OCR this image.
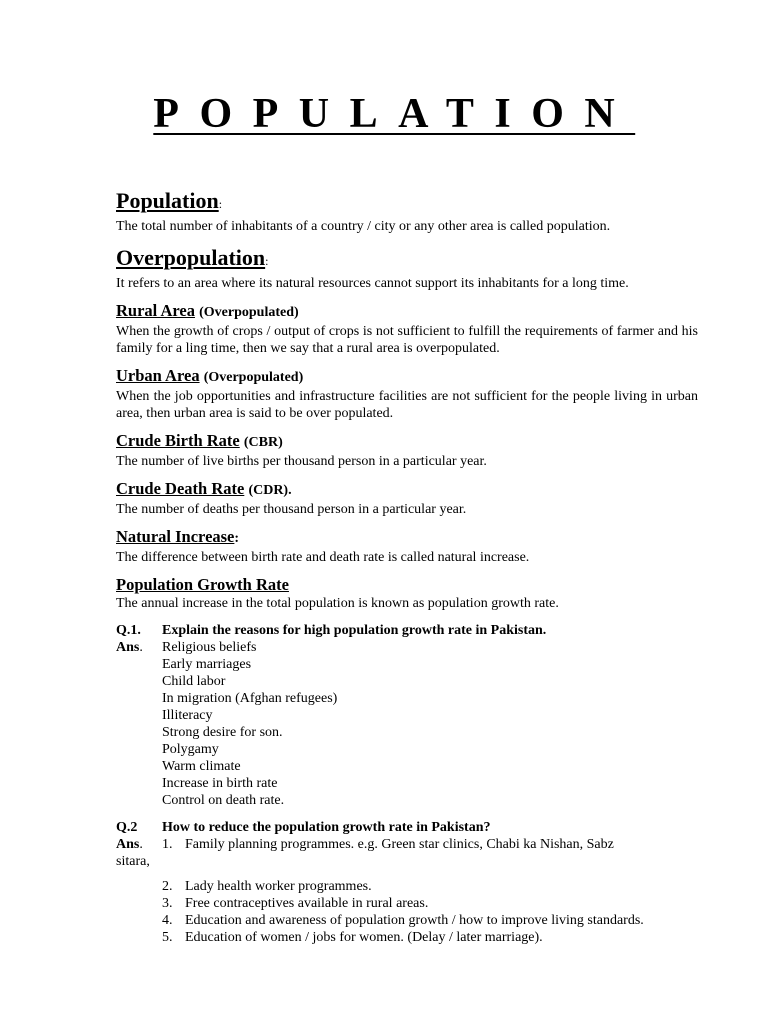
POPULATION

Population:

The total number of inhabitants of a country / city or any other area is called population.

Overpopulation:

It refers to an area where its natural resources cannot support its inhabitants for a long time.

Rural Area (Overpopulated)

When the growth of crops / output of crops is not sufficient to fulfill the requirements of farmer and his family for a ling time, then we say that a rural area is overpopulated.

Urban Area (Overpopulated)

When the job opportunities and infrastructure facilities are not sufficient for the people living in urban area, then urban area is said to be over populated.

Crude Birth Rate (CBR)

The number of live births per thousand person in a particular year.

Crude Death Rate (CDR).

The number of deaths per thousand person in a particular year.

Natural Increase:

The difference between birth rate and death rate is called natural increase.

Population Growth Rate

The annual increase in the total population is known as population growth rate.

Q.1.	Explain the reasons for high population growth rate in Pakistan.
Ans.	Religious beliefs
Early marriages
Child labor
In migration (Afghan refugees)
Illiteracy
Strong desire for son.
Polygamy
Warm climate
Increase in birth rate
Control on death rate.
Q.2	How to reduce the population growth rate in Pakistan?
Ans.	1. Family planning programmes. e.g. Green star clinics, Chabi ka Nishan, Sabz

sitara,

2. Lady health worker programmes.
3. Free contraceptives available in rural areas.
4. Education and awareness of population growth / how to improve living standards.
5. Education of women / jobs for women. (Delay / later marriage).
